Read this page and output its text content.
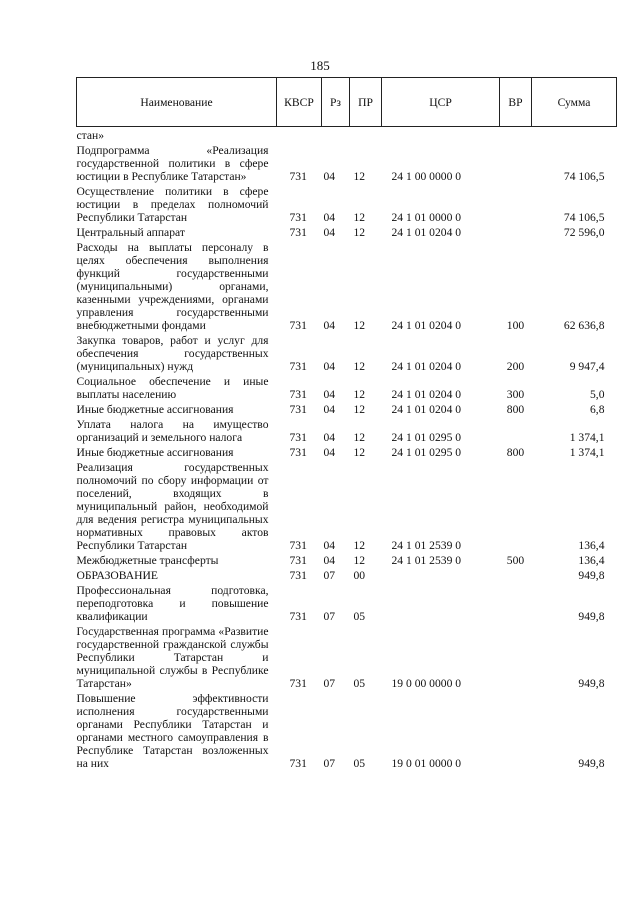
185
Наименование	КВСР	Рз	ПР	ЦСР	ВР	Сумма
стан»						
Подпрограмма «Реализация государственной политики в сфере юстиции в Республике Татарстан»	731	04	12	24 1 00 0000 0		74 106,5
Осуществление политики в сфере юстиции в пределах полномочий Республики Татарстан	731	04	12	24 1 01 0000 0		74 106,5
Центральный аппарат	731	04	12	24 1 01 0204 0		72 596,0
Расходы на выплаты персоналу в целях обеспечения выполнения функций государственными (муниципальными) органами, казенными учреждениями, органами управления государственными внебюджетными фондами	731	04	12	24 1 01 0204 0	100	62 636,8
Закупка товаров, работ и услуг для обеспечения государственных (муниципальных) нужд	731	04	12	24 1 01 0204 0	200	9 947,4
Социальное обеспечение и иные выплаты населению	731	04	12	24 1 01 0204 0	300	5,0
Иные бюджетные ассигнования	731	04	12	24 1 01 0204 0	800	6,8
Уплата налога на имущество организаций и земельного налога	731	04	12	24 1 01 0295 0		1 374,1
Иные бюджетные ассигнования	731	04	12	24 1 01 0295 0	800	1 374,1
Реализация государственных полномочий по сбору информации от поселений, входящих в муниципальный район, необходимой для ведения регистра муниципальных нормативных правовых актов Республики Татарстан	731	04	12	24 1 01 2539 0		136,4
Межбюджетные трансферты	731	04	12	24 1 01 2539 0	500	136,4
ОБРАЗОВАНИЕ	731	07	00			949,8
Профессиональная подготовка, переподготовка и повышение квалификации	731	07	05			949,8
Государственная программа «Развитие государственной гражданской службы Республики Татарстан и муниципальной службы в Республике Татарстан»	731	07	05	19 0 00 0000 0		949,8
Повышение эффективности исполнения государственными органами Республики Татарстан и органами местного самоуправления в Республике Татарстан возложенных на них	731	07	05	19 0 01 0000 0		949,8
